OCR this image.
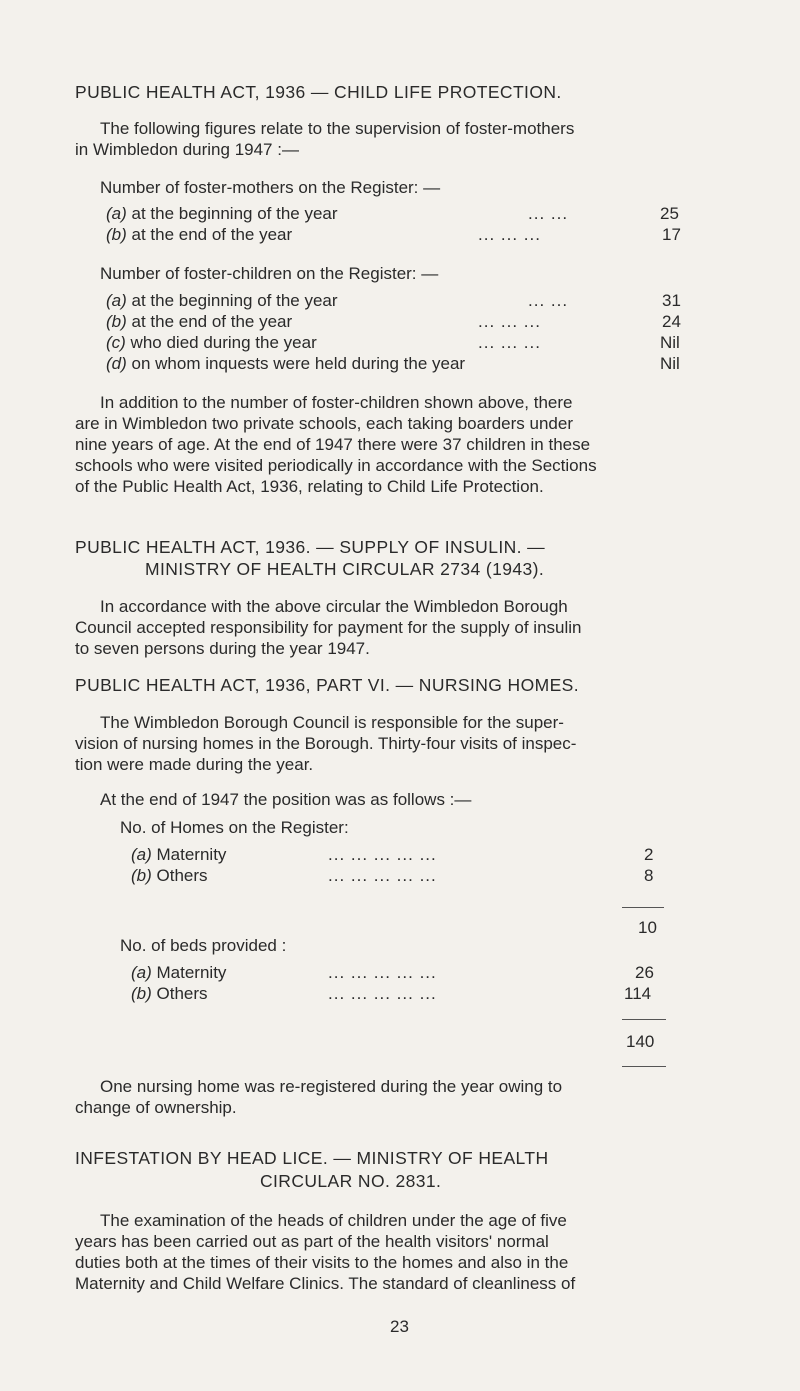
PUBLIC HEALTH ACT, 1936 — CHILD LIFE PROTECTION.
The following figures relate to the supervision of foster-mothers
in Wimbledon during 1947 :—
Number of foster-mothers on the Register: —
(a) at the beginning of the year	... ...	25
(b) at the end of the year	... ... ...	17
Number of foster-children on the Register: —
(a) at the beginning of the year	... ...	31
(b) at the end of the year	... ... ...	24
(c) who died during the year	... ... ...	Nil
(d) on whom inquests were held during the year	Nil
In addition to the number of foster-children shown above, there
are in Wimbledon two private schools, each taking boarders under
nine years of age. At the end of 1947 there were 37 children in these
schools who were visited periodically in accordance with the Sections
of the Public Health Act, 1936, relating to Child Life Protection.
PUBLIC HEALTH ACT, 1936. — SUPPLY OF INSULIN. —
MINISTRY OF HEALTH CIRCULAR 2734 (1943).
In accordance with the above circular the Wimbledon Borough
Council accepted responsibility for payment for the supply of insulin
to seven persons during the year 1947.
PUBLIC HEALTH ACT, 1936, PART VI. — NURSING HOMES.
The Wimbledon Borough Council is responsible for the super-
vision of nursing homes in the Borough. Thirty-four visits of inspec-
tion were made during the year.
At the end of 1947 the position was as follows :—
No. of Homes on the Register:
(a) Maternity	... ... ... ... ...	2
(b) Others	... ... ... ... ...	8
10
No. of beds provided :
(a) Maternity	... ... ... ... ...	26
(b) Others	... ... ... ... ...	114
140
One nursing home was re-registered during the year owing to
change of ownership.
INFESTATION BY HEAD LICE. — MINISTRY OF HEALTH
CIRCULAR NO. 2831.
The examination of the heads of children under the age of five
years has been carried out as part of the health visitors' normal
duties both at the times of their visits to the homes and also in the
Maternity and Child Welfare Clinics. The standard of cleanliness of
23
